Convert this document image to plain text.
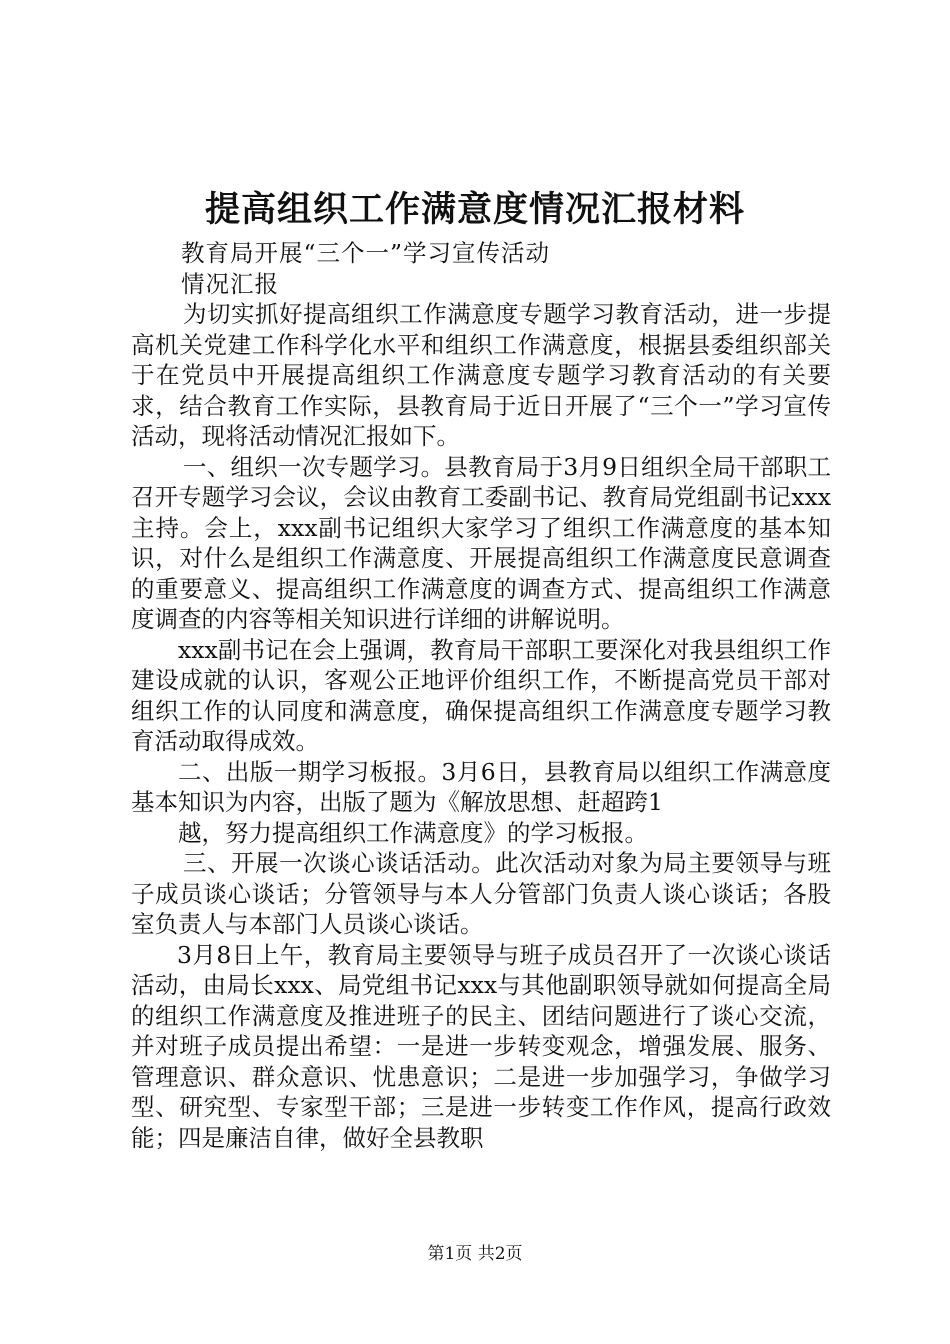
提高组织工作满意度情况汇报材料

教育局开展“三个一”学习宣传活动

情况汇报

为切实抓好提高组织工作满意度专题学习教育活动，进一步提高机关党建工作科学化水平和组织工作满意度，根据县委组织部关于在党员中开展提高组织工作满意度专题学习教育活动的有关要求，结合教育工作实际，县教育局于近日开展了“三个一”学习宣传活动，现将活动情况汇报如下。

一、组织一次专题学习。县教育局于3月9日组织全局干部职工召开专题学习会议，会议由教育工委副书记、教育局党组副书记xxx主持。会上，xxx副书记组织大家学习了组织工作满意度的基本知识，对什么是组织工作满意度、开展提高组织工作满意度民意调查的重要意义、提高组织工作满意度的调查方式、提高组织工作满意度调查的内容等相关知识进行详细的讲解说明。

xxx副书记在会上强调，教育局干部职工要深化对我县组织工作建设成就的认识，客观公正地评价组织工作，不断提高党员干部对组织工作的认同度和满意度，确保提高组织工作满意度专题学习教育活动取得成效。

二、出版一期学习板报。3月6日，县教育局以组织工作满意度基本知识为内容，出版了题为《解放思想、赶超跨1

越，努力提高组织工作满意度》的学习板报。

三、开展一次谈心谈话活动。此次活动对象为局主要领导与班子成员谈心谈话；分管领导与本人分管部门负责人谈心谈话；各股室负责人与本部门人员谈心谈话。

3月8日上午，教育局主要领导与班子成员召开了一次谈心谈话活动，由局长xxx、局党组书记xxx与其他副职领导就如何提高全局的组织工作满意度及推进班子的民主、团结问题进行了谈心交流，并对班子成员提出希望：一是进一步转变观念，增强发展、服务、管理意识、群众意识、忧患意识；二是进一步加强学习，争做学习型、研究型、专家型干部；三是进一步转变工作作风，提高行政效能；四是廉洁自律，做好全县教职

第1页 共2页
